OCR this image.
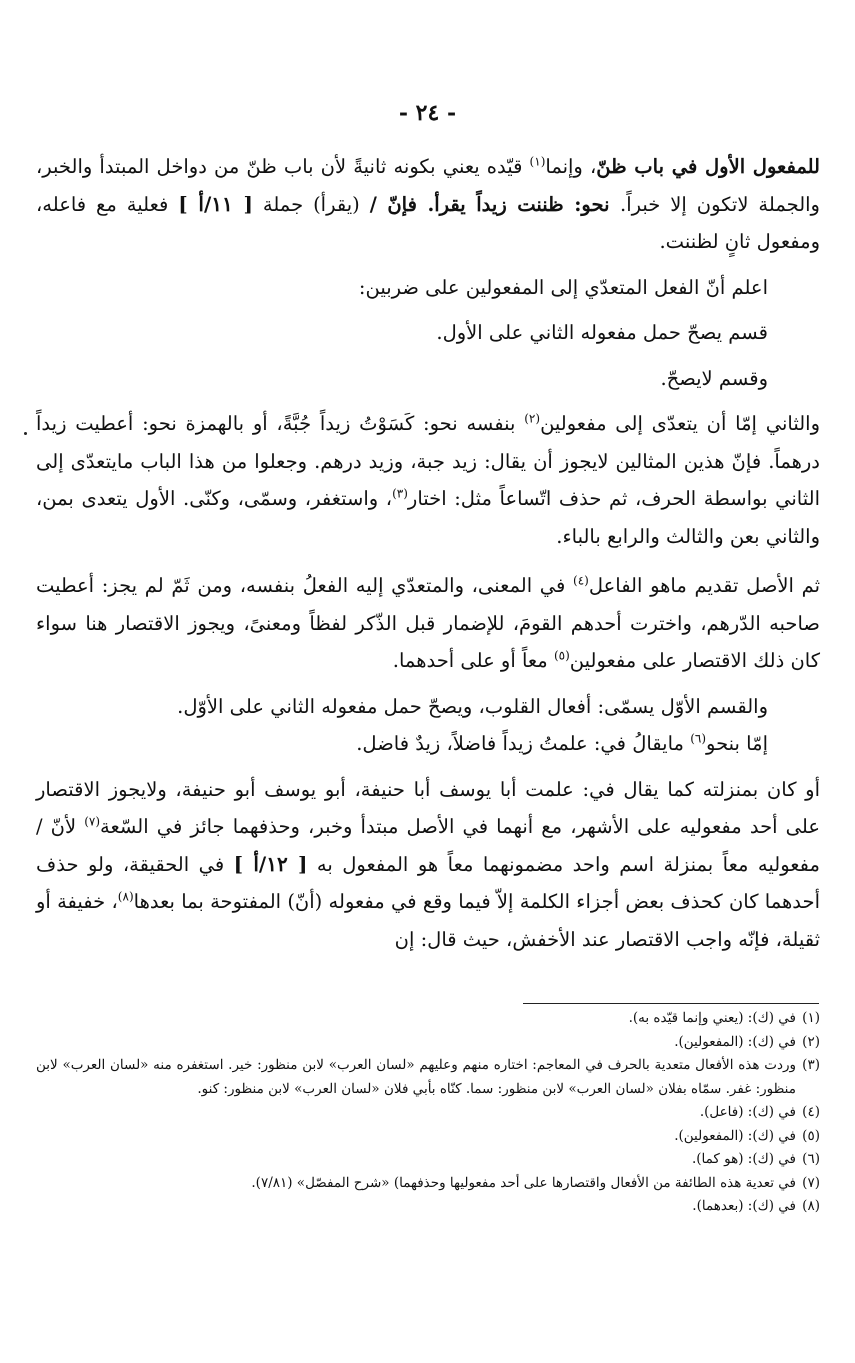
- ٢٤ -

للمفعول الأول في باب ظنّ، وإنما$^{(١)}$ قيّده يعني بكونه ثانيةً لأن باب ظنّ من دواخل المبتدأ والخبر، والجملة لاتكون إلا خبراً. نحو: ظننت زيداً يقرأ. فإنّ / (يقرأ) جملة [ ١١/أ ] فعلية مع فاعله، ومفعول ثانٍ لظننت.

اعلم أنّ الفعل المتعدّي إلى المفعولين على ضربين:

قسم يصحّ حمل مفعوله الثاني على الأول.

وقسم لايصحّ.

والثاني إمّا أن يتعدّى إلى مفعولين$^{(٢)}$ بنفسه نحو: كَسَوْتُ زيداً جُبَّةً، أو بالهمزة نحو: أعطيت زيداً درهماً. فإنّ هذين المثالين لايجوز أن يقال: زيد جبة، وزيد درهم. وجعلوا من هذا الباب مايتعدّى إلى الثاني بواسطة الحرف، ثم حذف اتّساعاً مثل: اختار$^{(٣)}$، واستغفر، وسمّى، وكنّى. الأول يتعدى بمن، والثاني بعن والثالث والرابع بالباء.

ثم الأصل تقديم ماهو الفاعل$^{(٤)}$ في المعنى، والمتعدّي إليه الفعلُ بنفسه، ومن ثَمّ لم يجز: أعطيت صاحبه الدّرهم، واخترت أحدهم القومَ، للإضمار قبل الذّكر لفظاً ومعنىً، ويجوز الاقتصار هنا سواء كان ذلك الاقتصار على مفعولين$^{(٥)}$ معاً أو على أحدهما.

والقسم الأوّل يسمّى: أفعال القلوب، ويصحّ حمل مفعوله الثاني على الأوّل.

إمّا بنحو$^{(٦)}$ مايقالُ في: علمتُ زيداً فاضلاً، زيدٌ فاضل.

أو كان بمنزلته كما يقال في: علمت أبا يوسف أبا حنيفة، أبو يوسف أبو حنيفة، ولايجوز الاقتصار على أحد مفعوليه على الأشهر، مع أنهما في الأصل مبتدأ وخبر، وحذفهما جائز في السّعة$^{(٧)}$ لأنّ / مفعوليه معاً بمنزلة اسم واحد مضمونهما معاً هو المفعول به [ ١٢/أ ] في الحقيقة، ولو حذف أحدهما كان كحذف بعض أجزاء الكلمة إلاّ فيما وقع في مفعوله (أنّ) المفتوحة بما بعدها$^{(٨)}$، خفيفة أو ثقيلة، فإنّه واجب الاقتصار عند الأخفش، حيث قال: إن

(١)في (ك): (يعني وإنما قيّده به).

(٢)في (ك): (المفعولين).

(٣)وردت هذه الأفعال متعدية بالحرف في المعاجم: اختاره منهم وعليهم «لسان العرب» لابن منظور: خير. استغفره منه «لسان العرب» لابن منظور: غفر. سمّاه بفلان «لسان العرب» لابن منظور: سما. كنّاه بأبي فلان «لسان العرب» لابن منظور: كنو.

(٤)في (ك): (فاعل).

(٥)في (ك): (المفعولين).

(٦)في (ك): (هو كما).

(٧)في تعدية هذه الطائفة من الأفعال واقتصارها على أحد مفعوليها وحذفهما) «شرح المفصّل» (٧/٨١).

(٨)في (ك): (بعدهما).
